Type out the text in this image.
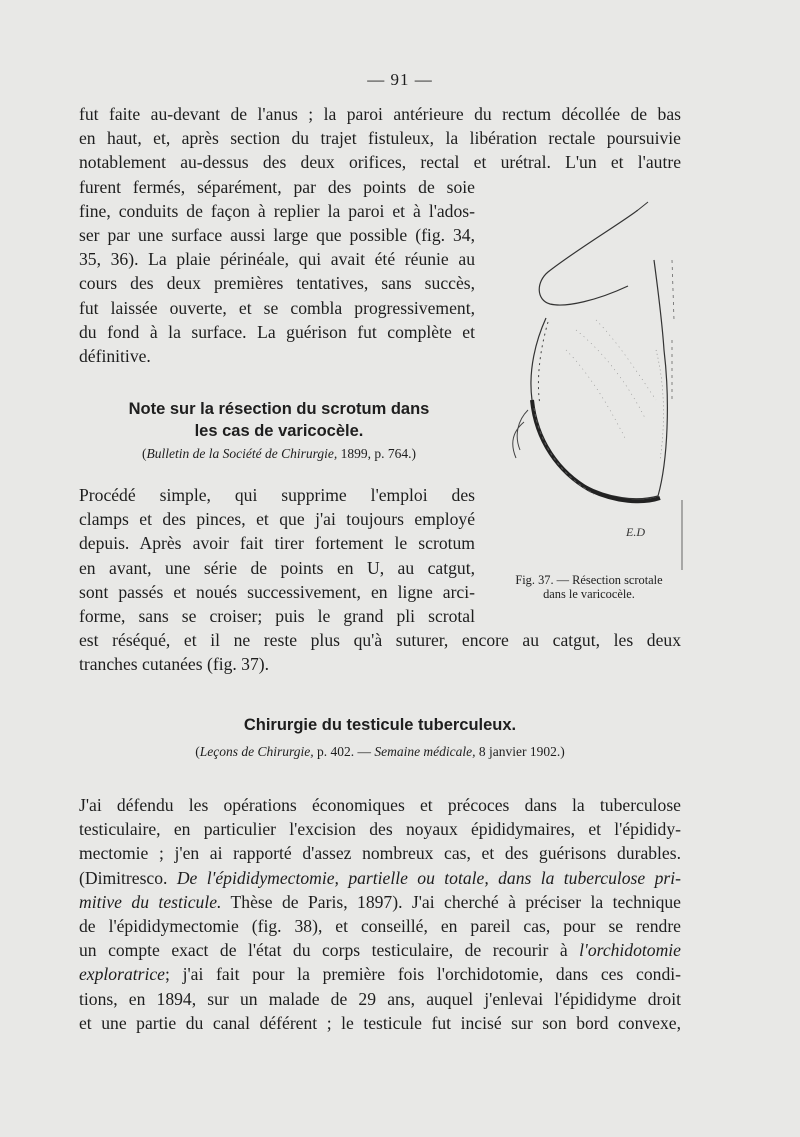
— 91 —
fut faite au-devant de l'anus ; la paroi antérieure du rectum décollée de bas
en haut, et, après section du trajet fistuleux, la libération rectale poursuivie
notablement au-dessus des deux orifices, rectal et urétral. L'un et l'autre
furent fermés, séparément, par des points de soie
fine, conduits de façon à replier la paroi et à l'ados-
ser par une surface aussi large que possible (fig. 34,
35, 36). La plaie périnéale, qui avait été réunie au
cours des deux premières tentatives, sans succès,
fut laissée ouverte, et se combla progressivement,
du fond à la surface. La guérison fut complète et
définitive.
Note sur la résection du scrotum dans
les cas de varicocèle.
(Bulletin de la Société de Chirurgie, 1899, p. 764.)
Procédé simple, qui supprime l'emploi des
clamps et des pinces, et que j'ai toujours employé
depuis. Après avoir fait tirer fortement le scrotum
en avant, une série de points en U, au catgut,
sont passés et noués successivement, en ligne arci-
forme, sans se croiser; puis le grand pli scrotal
est réséqué, et il ne reste plus qu'à suturer, encore au catgut, les deux
tranches cutanées (fig. 37).
E.D
Fig. 37. — Résection scrotale
dans le varicocèle.
Chirurgie du testicule tuberculeux.
(Leçons de Chirurgie, p. 402. — Semaine médicale, 8 janvier 1902.)
J'ai défendu les opérations économiques et précoces dans la tuberculose
testiculaire, en particulier l'excision des noyaux épididymaires, et l'épididy-
mectomie ; j'en ai rapporté d'assez nombreux cas, et des guérisons durables.
(Dimitresco. De l'épididymectomie, partielle ou totale, dans la tuberculose pri-
mitive du testicule. Thèse de Paris, 1897). J'ai cherché à préciser la technique
de l'épididymectomie (fig. 38), et conseillé, en pareil cas, pour se rendre
un compte exact de l'état du corps testiculaire, de recourir à l'orchidotomie
exploratrice; j'ai fait pour la première fois l'orchidotomie, dans ces condi-
tions, en 1894, sur un malade de 29 ans, auquel j'enlevai l'épididyme droit
et une partie du canal déférent ; le testicule fut incisé sur son bord convexe,
